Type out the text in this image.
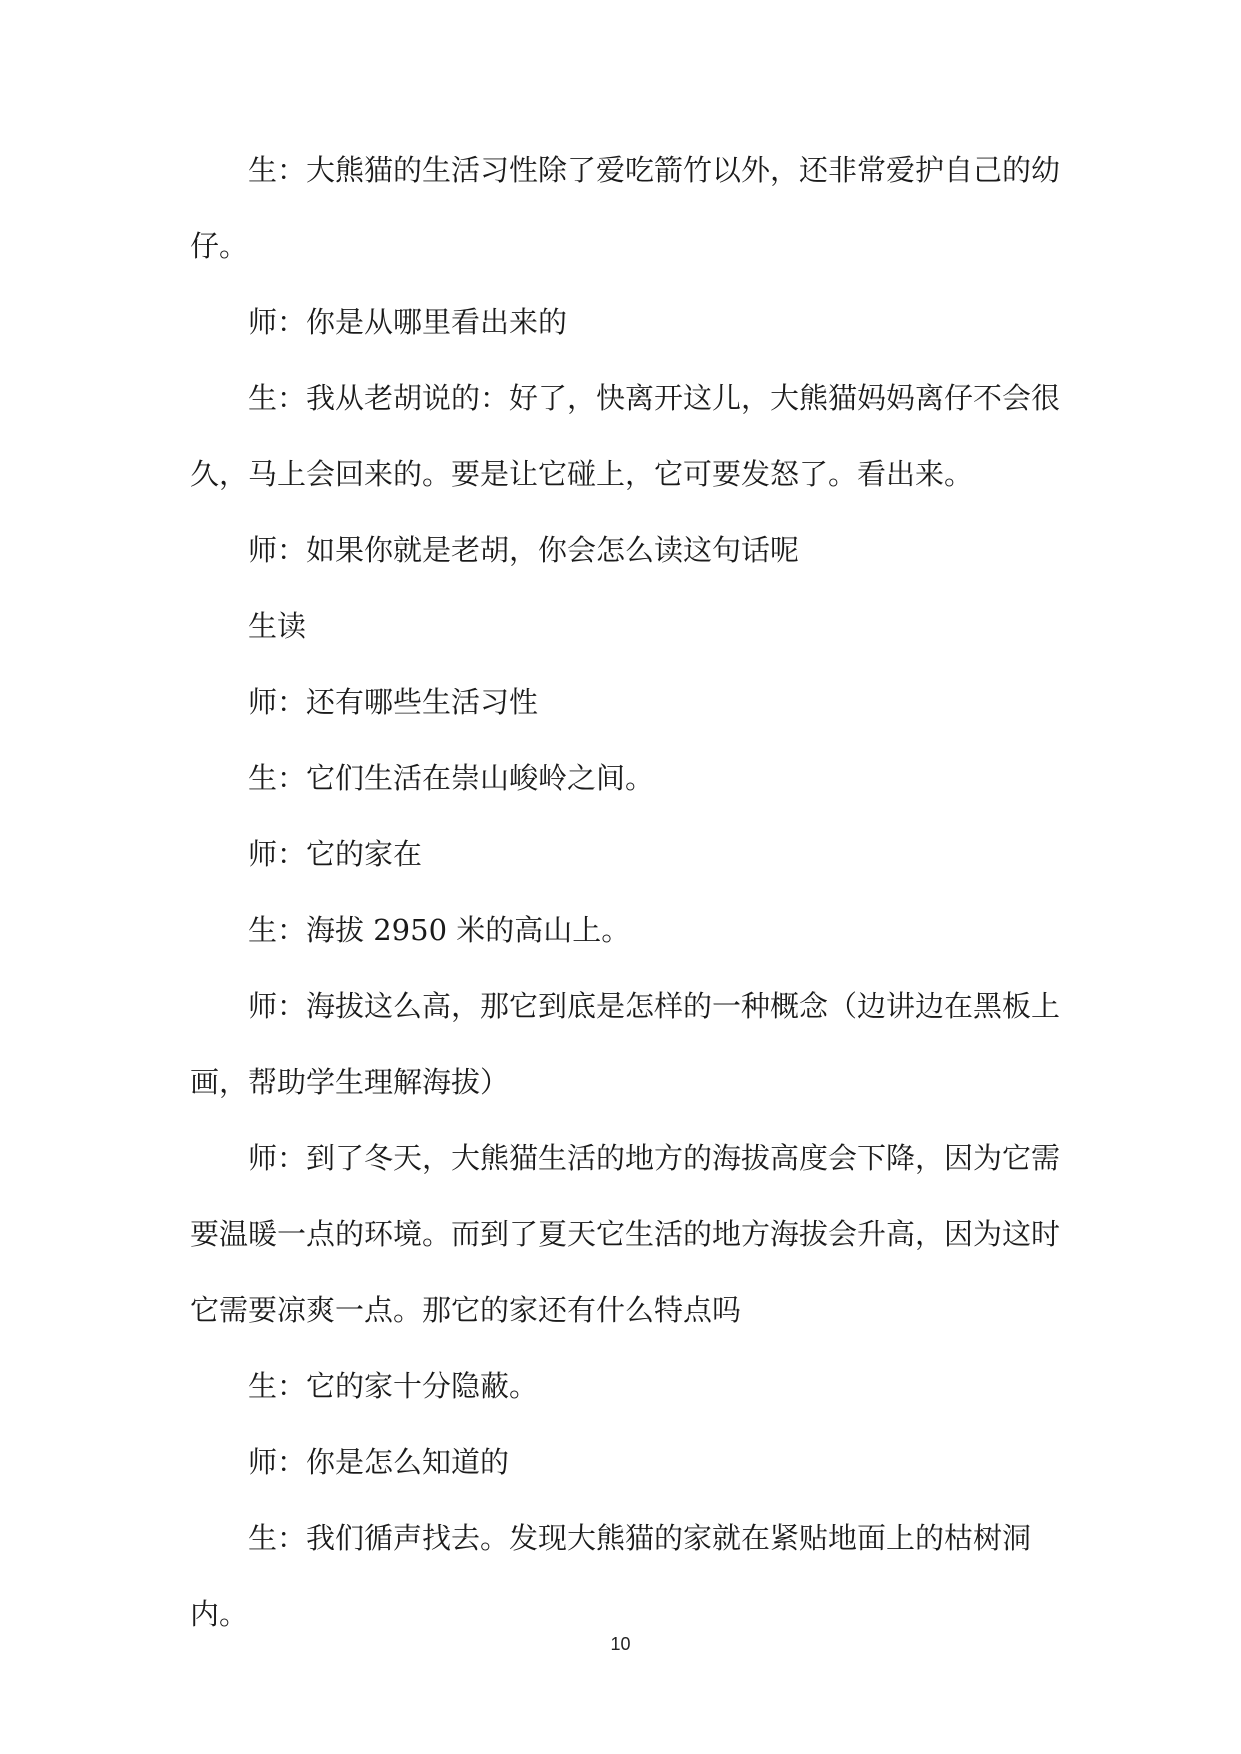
生：大熊猫的生活习性除了爱吃箭竹以外，还非常爱护自己的幼仔。

师：你是从哪里看出来的

生：我从老胡说的：好了，快离开这儿，大熊猫妈妈离仔不会很久，马上会回来的。要是让它碰上，它可要发怒了。看出来。

师：如果你就是老胡，你会怎么读这句话呢

生读

师：还有哪些生活习性

生：它们生活在崇山峻岭之间。

师：它的家在

生：海拔 2950 米的高山上。

师：海拔这么高，那它到底是怎样的一种概念（边讲边在黑板上画，帮助学生理解海拔）

师：到了冬天，大熊猫生活的地方的海拔高度会下降，因为它需要温暖一点的环境。而到了夏天它生活的地方海拔会升高，因为这时它需要凉爽一点。那它的家还有什么特点吗

生：它的家十分隐蔽。

师：你是怎么知道的

生：我们循声找去。发现大熊猫的家就在紧贴地面上的枯树洞内。

10
